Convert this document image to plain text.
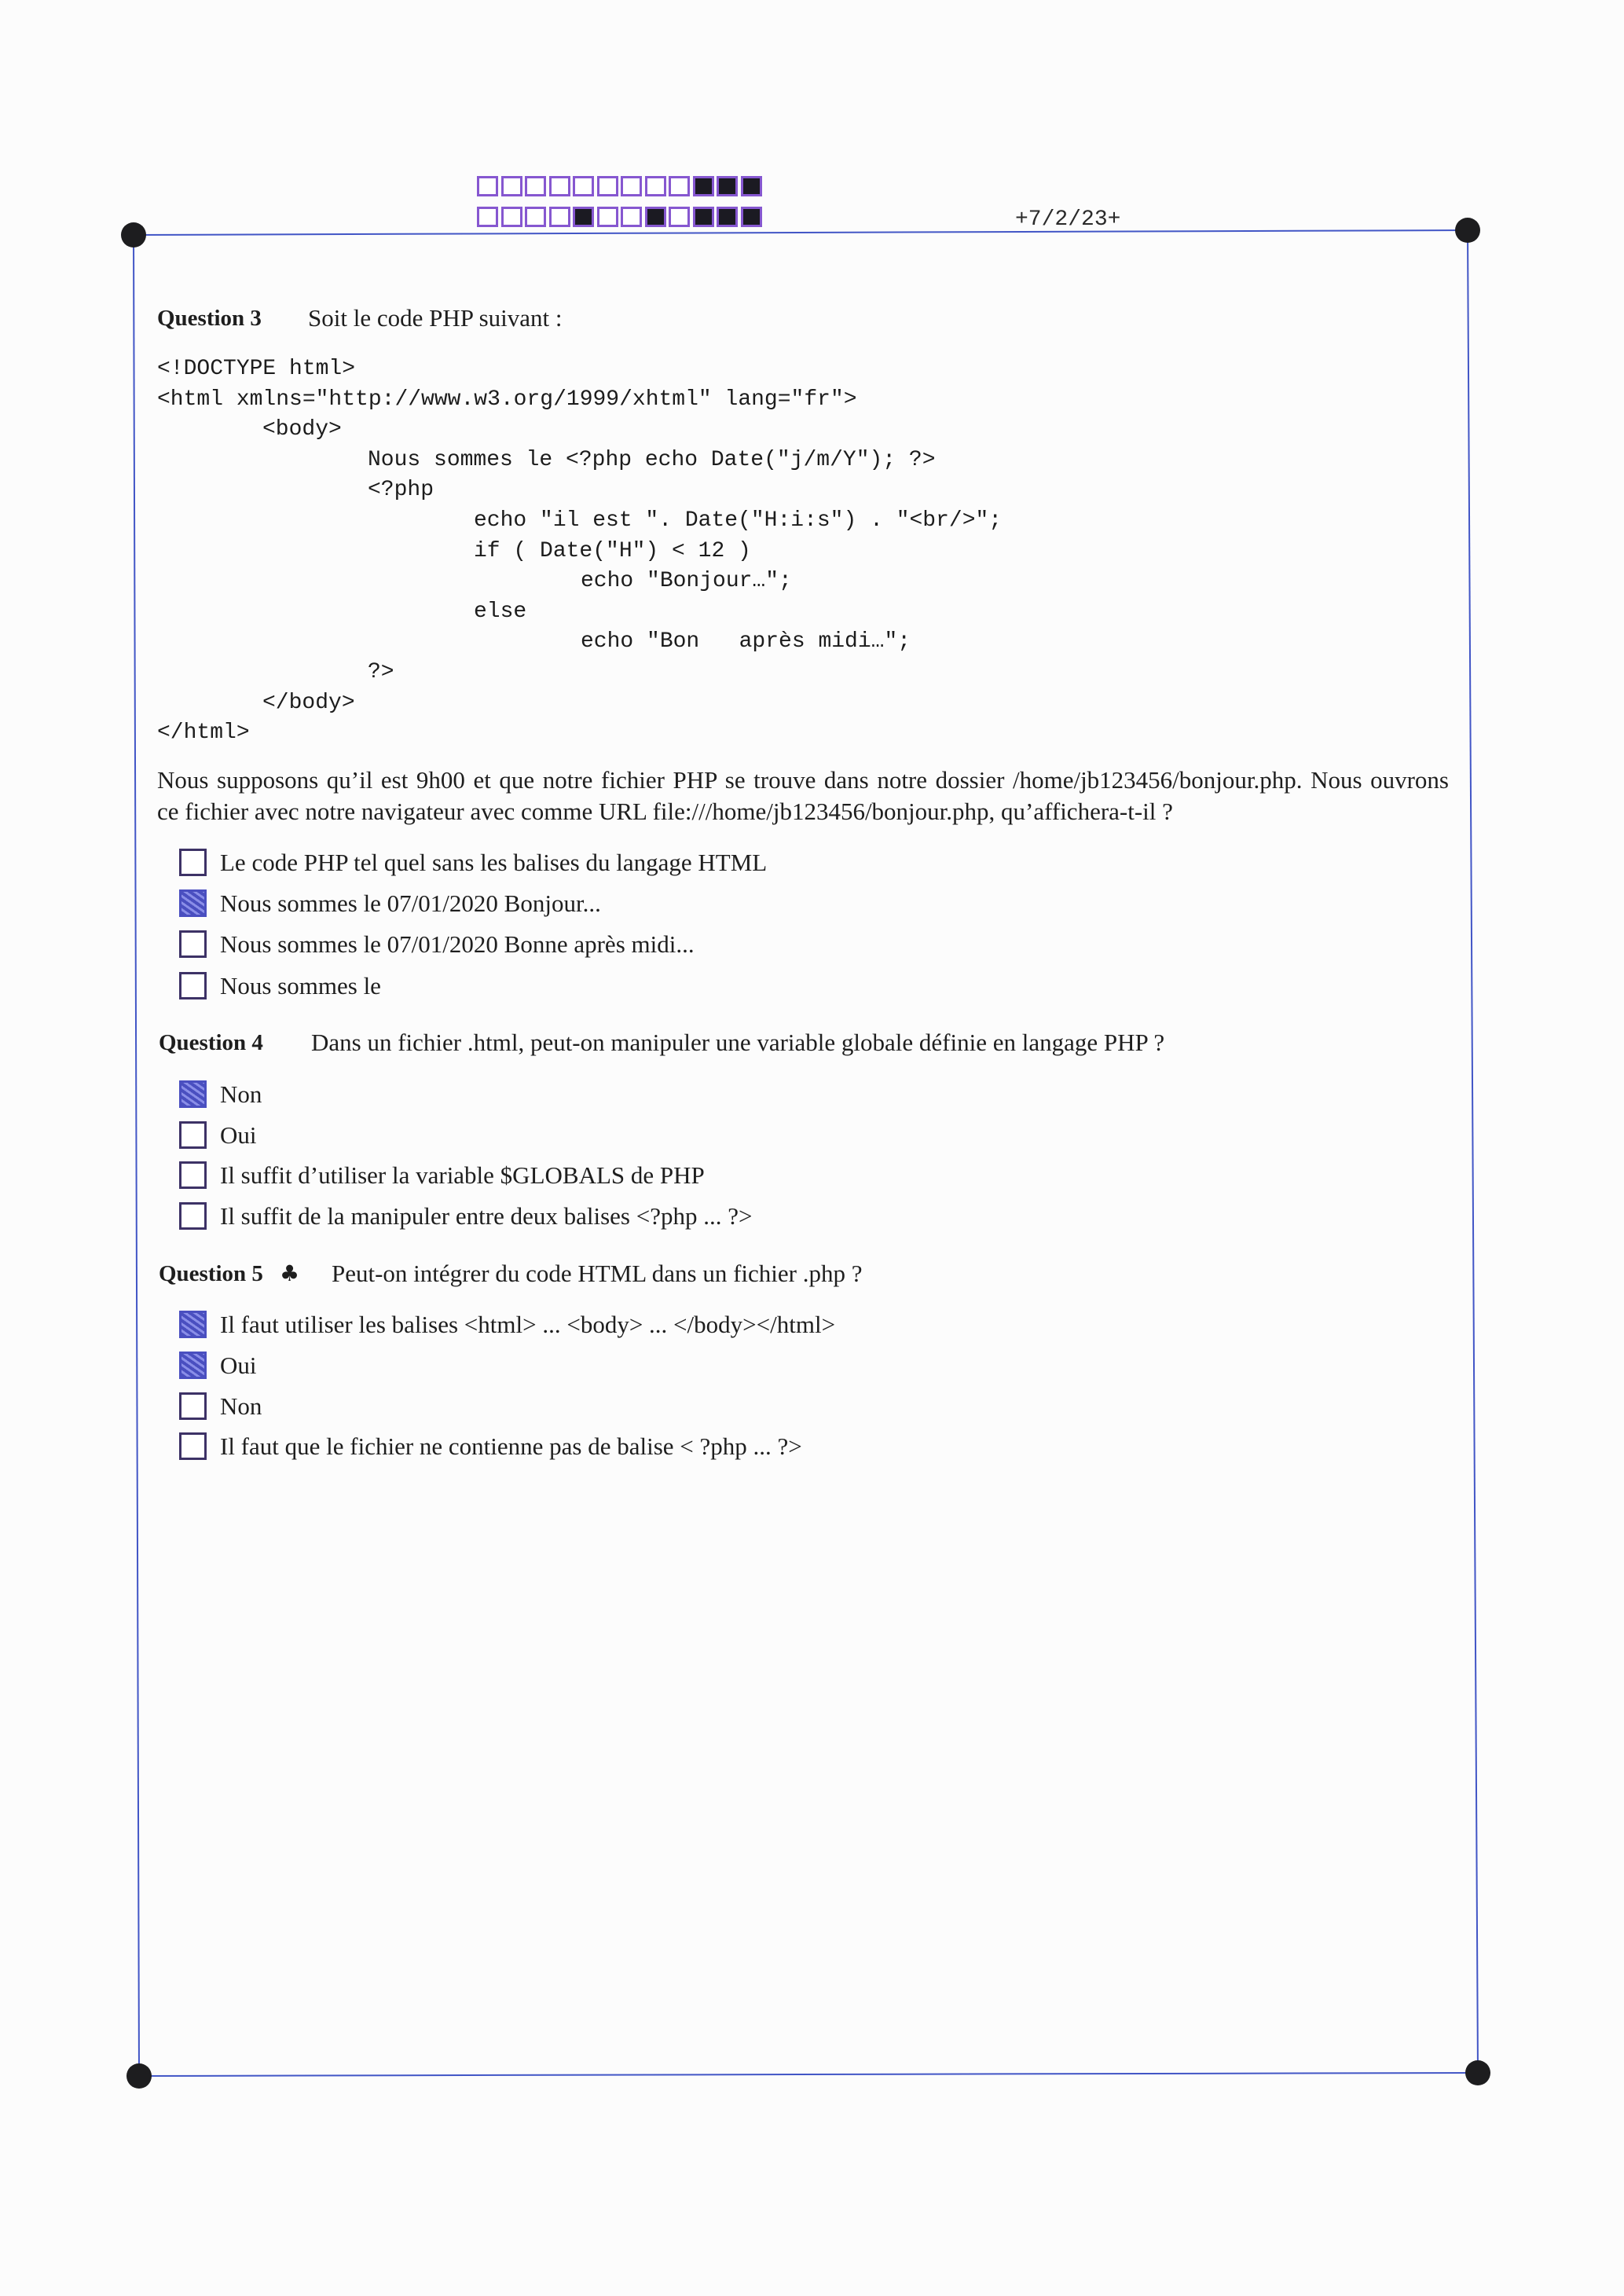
+7/2/23+
Question 3 Soit le code PHP suivant :
<!DOCTYPE html>
<html xmlns="http://www.w3.org/1999/xhtml" lang="fr">
<body>
Nous sommes le <?php echo Date("j/m/Y"); ?>
<?php
echo "il est ". Date("H:i:s") . "<br/>";
if ( Date("H") < 12 )
echo "Bonjour…";
else
echo "Bon   après midi…";
?>
</body>
</html>
Nous supposons qu’il est 9h00 et que notre fichier PHP se trouve dans notre dossier /home/jb123456/bonjour.php. Nous ouvrons
ce fichier avec notre navigateur avec comme URL file:///home/jb123456/bonjour.php, qu’affichera-t-il ?
Le code PHP tel quel sans les balises du langage HTML
Nous sommes le 07/01/2020 Bonjour...
Nous sommes le 07/01/2020 Bonne après midi...
Nous sommes le
Question 4 Dans un fichier .html, peut-on manipuler une variable globale définie en langage PHP ?
Non
Oui
Il suffit d’utiliser la variable $GLOBALS de PHP
Il suffit de la manipuler entre deux balises <?php ... ?>
Question 5 ♣ Peut-on intégrer du code HTML dans un fichier .php ?
Il faut utiliser les balises <html> ... <body> ... </body></html>
Oui
Non
Il faut que le fichier ne contienne pas de balise < ?php ... ?>
